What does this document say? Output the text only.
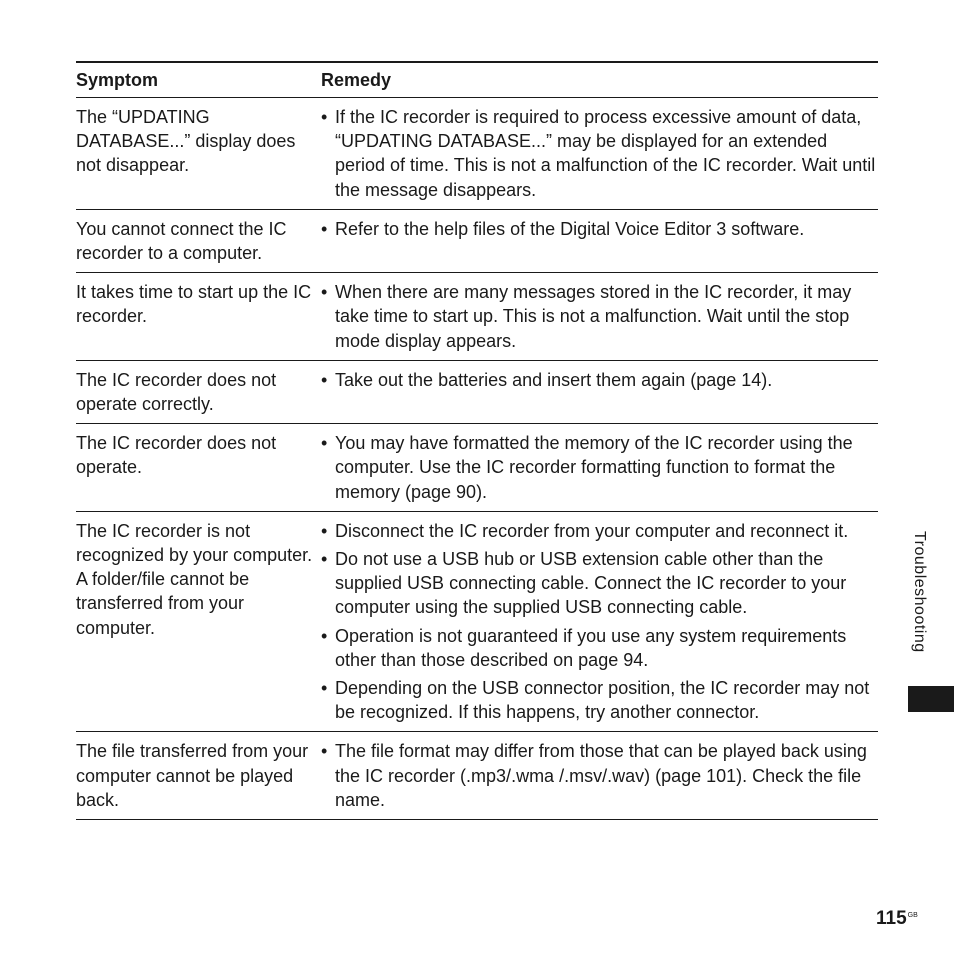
Symptom	Remedy
The “UPDATING DATABASE...” display does not disappear.
• If the IC recorder is required to process excessive amount of data, “UPDATING DATABASE...” may be displayed for an extended period of time. This is not a malfunction of the IC recorder. Wait until the message disappears.
You cannot connect the IC recorder to a computer.
• Refer to the help files of the Digital Voice Editor 3 software.
It takes time to start up the IC recorder.
• When there are many messages stored in the IC recorder, it may take time to start up. This is not a malfunction. Wait until the stop mode display appears.
The IC recorder does not operate correctly.
• Take out the batteries and insert them again (page 14).
The IC recorder does not operate.
• You may have formatted the memory of the IC recorder using the computer. Use the IC recorder formatting function to format the memory (page 90).
The IC recorder is not recognized by your computer. A folder/file cannot be transferred from your computer.
• Disconnect the IC recorder from your computer and reconnect it.
• Do not use a USB hub or USB extension cable other than the supplied USB connecting cable. Connect the IC recorder to your computer using the supplied USB connecting cable.
• Operation is not guaranteed if you use any system requirements other than those described on page 94.
• Depending on the USB connector position, the IC recorder may not be recognized. If this happens, try another connector.
The file transferred from your computer cannot be played back.
• The file format may differ from those that can be played back using the IC recorder (.mp3/.wma /.msv/.wav) (page 101). Check the file name.
Troubleshooting
$115^{GB}$
